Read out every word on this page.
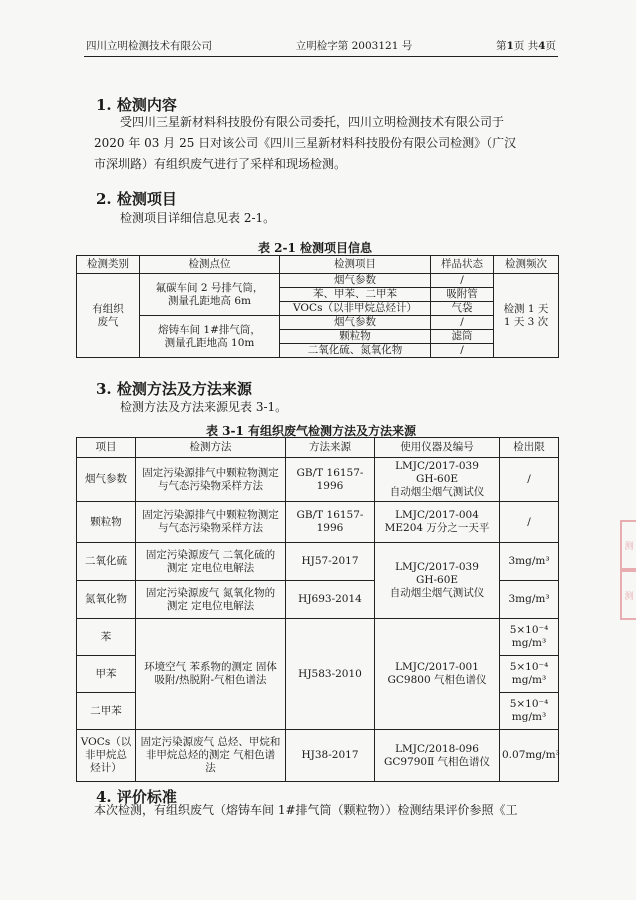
四川立明检测技术有限公司	立明检字第 2003121 号	第1页 共4页
1. 检测内容
受四川三星新材料科技股份有限公司委托，四川立明检测技术有限公司于
2020 年 03 月 25 日对该公司《四川三星新材料科技股份有限公司检测》（广汉
市深圳路）有组织废气进行了采样和现场检测。
2. 检测项目
检测项目详细信息见表 2-1。
表 2-1 检测项目信息
检测类别	检测点位	检测项目	样品状态	检测频次
有组织
废气	氟碳车间 2 号排气筒，
测量孔距地高 6m	烟气参数	/	检测 1 天
1 天 3 次
		苯、甲苯、二甲苯	吸附管	
		VOCs（以非甲烷总烃计）	气袋	
	熔铸车间 1#排气筒，
测量孔距地高 10m	烟气参数	/	
		颗粒物	滤筒	
		二氧化硫、氮氧化物	/	
3. 检测方法及方法来源
检测方法及方法来源见表 3-1。
表 3-1 有组织废气检测方法及方法来源
项目	检测方法	方法来源	使用仪器及编号	检出限
烟气参数	固定污染源排气中颗粒物测定
与气态污染物采样方法	GB/T 16157-1996	LMJC/2017-039
GH-60E
自动烟尘烟气测试仪	/
颗粒物	固定污染源排气中颗粒物测定
与气态污染物采样方法	GB/T 16157-1996	LMJC/2017-004
ME204 万分之一天平	/
二氧化硫	固定污染源废气 二氧化硫的
测定 定电位电解法	HJ57-2017	LMJC/2017-039
GH-60E
自动烟尘烟气测试仪	3mg/m³
氮氧化物	固定污染源废气 氮氧化物的
测定 定电位电解法	HJ693-2014		3mg/m³
苯	环境空气 苯系物的测定 固体
吸附/热脱附-气相色谱法	HJ583-2010	LMJC/2017-001
GC9800 气相色谱仪	5×10⁻⁴
mg/m³
甲苯				5×10⁻⁴
mg/m³
二甲苯				5×10⁻⁴
mg/m³
VOCs（以
非甲烷总
烃计）	固定污染源废气 总烃、甲烷和
非甲烷总烃的测定 气相色谱
法	HJ38-2017	LMJC/2018-096
GC9790Ⅱ 气相色谱仪	0.07mg/m³
4. 评价标准
本次检测，有组织废气（熔铸车间 1#排气筒（颗粒物））检测结果评价参照《工
测
测
